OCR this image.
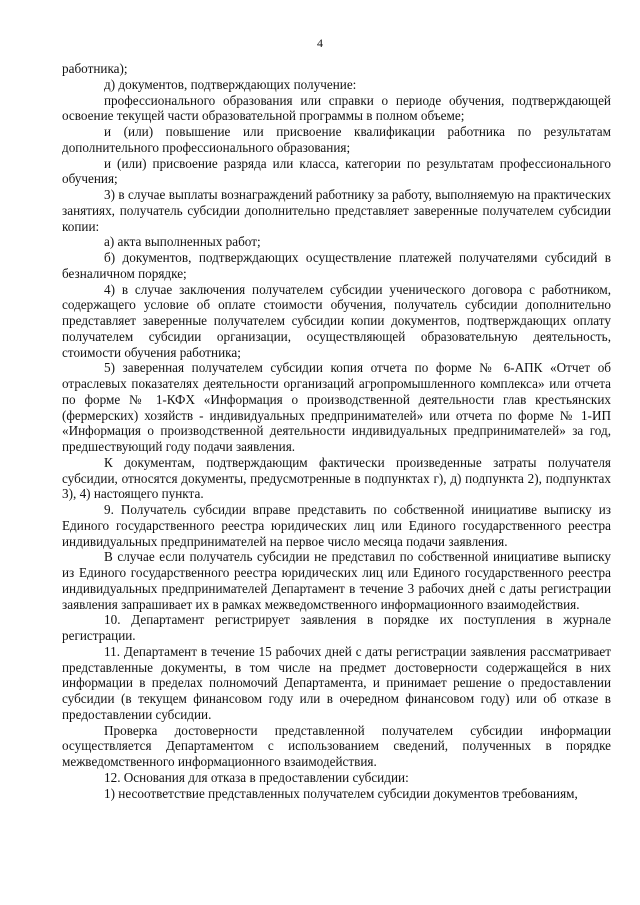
4

работника);

д) документов, подтверждающих получение:

профессионального образования или справки о периоде обучения, подтверждающей освоение текущей части образовательной программы в полном объеме;

и (или) повышение или присвоение квалификации работника по результатам дополнительного профессионального образования;

и (или) присвоение разряда или класса, категории по результатам профессионального обучения;

3) в случае выплаты вознаграждений работнику за работу, выполняемую на практических занятиях, получатель субсидии дополнительно представляет заверенные получателем субсидии копии:

а) акта выполненных работ;

б) документов, подтверждающих осуществление платежей получателями субсидий в безналичном порядке;

4) в случае заключения получателем субсидии ученического договора с работником, содержащего условие об оплате стоимости обучения, получатель субсидии дополнительно представляет заверенные получателем субсидии копии документов, подтверждающих оплату получателем субсидии организации, осуществляющей образовательную деятельность, стоимости обучения работника;

5) заверенная получателем субсидии копия отчета по форме № 6-АПК «Отчет об отраслевых показателях деятельности организаций агропромышленного комплекса» или отчета по форме № 1-КФХ «Информация о производственной деятельности глав крестьянских (фермерских) хозяйств - индивидуальных предпринимателей» или отчета по форме № 1-ИП «Информация о производственной деятельности индивидуальных предпринимателей» за год, предшествующий году подачи заявления.

К документам, подтверждающим фактически произведенные затраты получателя субсидии, относятся документы, предусмотренные в подпунктах г), д) подпункта 2), подпунктах 3), 4) настоящего пункта.

9. Получатель субсидии вправе представить по собственной инициативе выписку из Единого государственного реестра юридических лиц или Единого государственного реестра индивидуальных предпринимателей на первое число месяца подачи заявления.

В случае если получатель субсидии не представил по собственной инициативе выписку из Единого государственного реестра юридических лиц или Единого государственного реестра индивидуальных предпринимателей Департамент в течение 3 рабочих дней с даты регистрации заявления запрашивает их в рамках межведомственного информационного взаимодействия.

10. Департамент регистрирует заявления в порядке их поступления в журнале регистрации.

11. Департамент в течение 15 рабочих дней с даты регистрации заявления рассматривает представленные документы, в том числе на предмет достоверности содержащейся в них информации в пределах полномочий Департамента, и принимает решение о предоставлении субсидии (в текущем финансовом году или в очередном финансовом году) или об отказе в предоставлении субсидии.

Проверка достоверности представленной получателем субсидии информации осуществляется Департаментом с использованием сведений, полученных в порядке межведомственного информационного взаимодействия.

12. Основания для отказа в предоставлении субсидии:

1) несоответствие представленных получателем субсидии документов требованиям,
